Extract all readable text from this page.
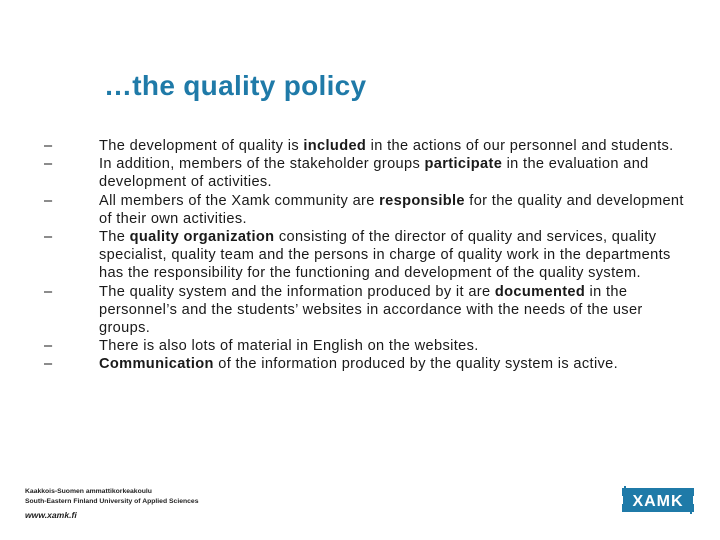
…the quality policy
–	The development of quality is included in the actions of our personnel and students.
–	In addition, members of the stakeholder groups participate in the evaluation and development of activities.
–	All members of the Xamk community are responsible for the quality and development of their own activities.
–	The quality organization consisting of the director of quality and services, quality specialist, quality team and the persons in charge of quality work in the departments has the responsibility for the functioning and development of the quality system.
–	The quality system and the information produced by it are documented in the personnel’s and the students’ websites in accordance with the needs of the user groups.
–	There is also lots of material in English on the websites.
–	Communication of the information produced by the quality system is active.
Kaakkois-Suomen ammattikorkeakoulu
South-Eastern Finland University of Applied Sciences
www.xamk.fi
XAMK
